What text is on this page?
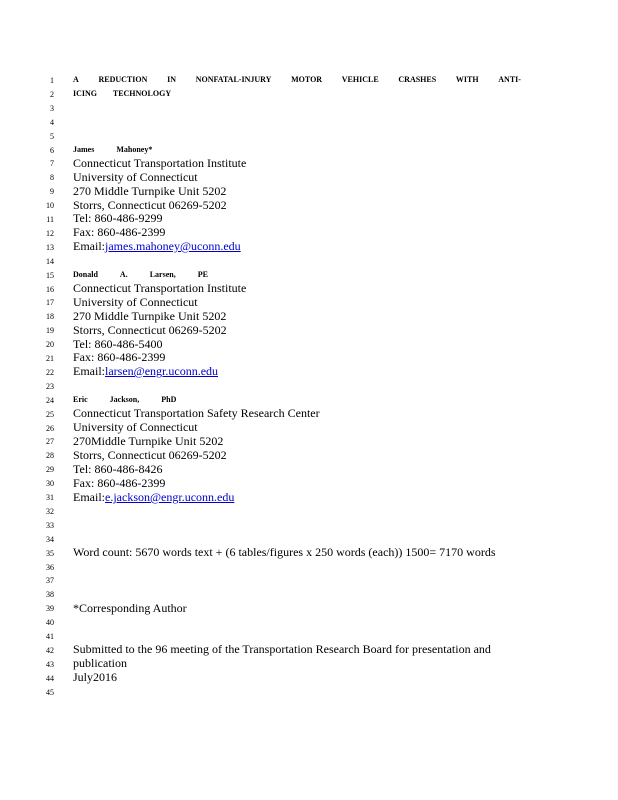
1
2
3
4
5
6
7
8
9
10
11
12
13
14
15
16
17
18
19
20
21
22
23
24
25
26
27
28
29
30
31
32
33
34
35
36
37
38
39
40
41
42
43
44
45
A REDUCTION IN NONFATAL-INJURY MOTOR VEHICLE CRASHES WITH ANTI-
ICING TECHNOLOGY
James	Mahoney*
Connecticut Transportation Institute
University of Connecticut
270 Middle Turnpike Unit 5202
Storrs, Connecticut 06269-5202
Tel: 860-486-9299
Fax: 860-486-2399
Email:james.mahoney@uconn.edu
Donald	A.	Larsen,	PE
Connecticut Transportation Institute
University of Connecticut
270 Middle Turnpike Unit 5202
Storrs, Connecticut 06269-5202
Tel: 860-486-5400
Fax: 860-486-2399
Email:larsen@engr.uconn.edu
Eric	Jackson,	PhD
Connecticut Transportation Safety Research Center
University of Connecticut
270Middle Turnpike Unit 5202
Storrs, Connecticut 06269-5202
Tel: 860-486-8426
Fax: 860-486-2399
Email:e.jackson@engr.uconn.edu
Word count: 5670 words text + (6 tables/figures x 250 words (each)) 1500= 7170 words
*Corresponding Author
Submitted to the 96 meeting of the Transportation Research Board for presentation and
publication
July2016
